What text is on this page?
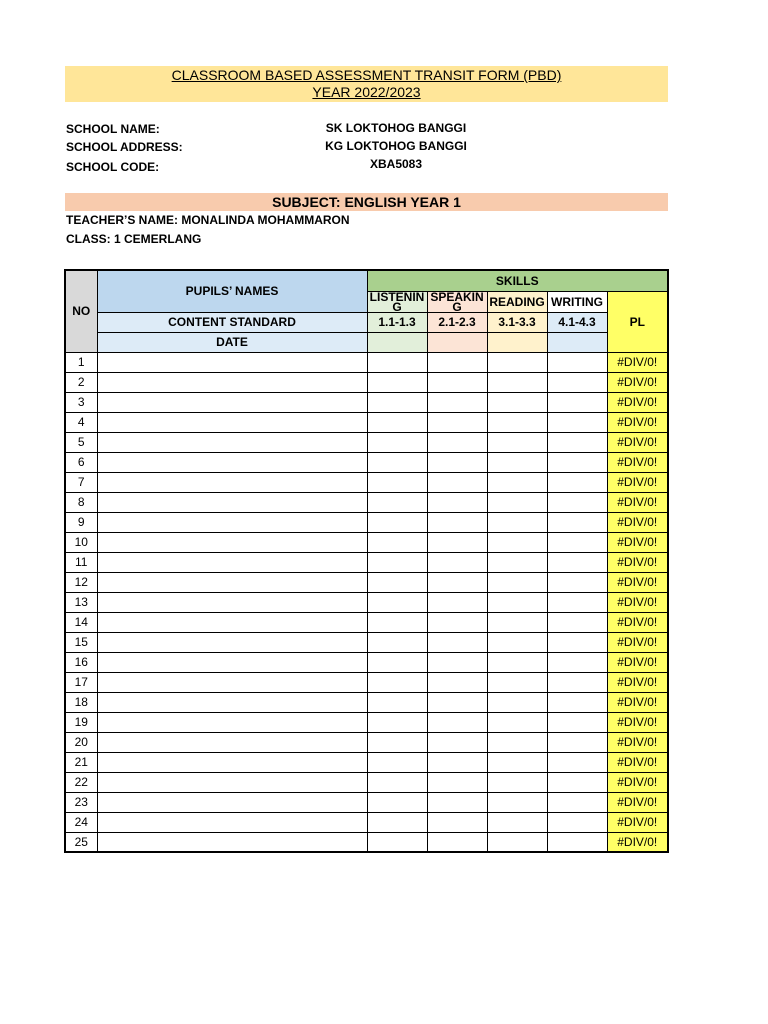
CLASSROOM BASED ASSESSMENT TRANSIT FORM (PBD)
YEAR 2022/2023
SCHOOL NAME:	SK LOKTOHOG BANGGI
SCHOOL ADDRESS:	KG LOKTOHOG BANGGI
SCHOOL CODE:	XBA5083
SUBJECT: ENGLISH YEAR 1
TEACHER’S NAME: MONALINDA MOHAMMARON
CLASS: 1 CEMERLANG
NO	PUPILS’ NAMES	SKILLS				
		LISTENING	SPEAKING	READING	WRITING	PL
	CONTENT STANDARD	1.1-1.3	2.1-2.3	3.1-3.3	4.1-4.3	
	DATE					
1						#DIV/0!
2						#DIV/0!
3						#DIV/0!
4						#DIV/0!
5						#DIV/0!
6						#DIV/0!
7						#DIV/0!
8						#DIV/0!
9						#DIV/0!
10						#DIV/0!
11						#DIV/0!
12						#DIV/0!
13						#DIV/0!
14						#DIV/0!
15						#DIV/0!
16						#DIV/0!
17						#DIV/0!
18						#DIV/0!
19						#DIV/0!
20						#DIV/0!
21						#DIV/0!
22						#DIV/0!
23						#DIV/0!
24						#DIV/0!
25						#DIV/0!
